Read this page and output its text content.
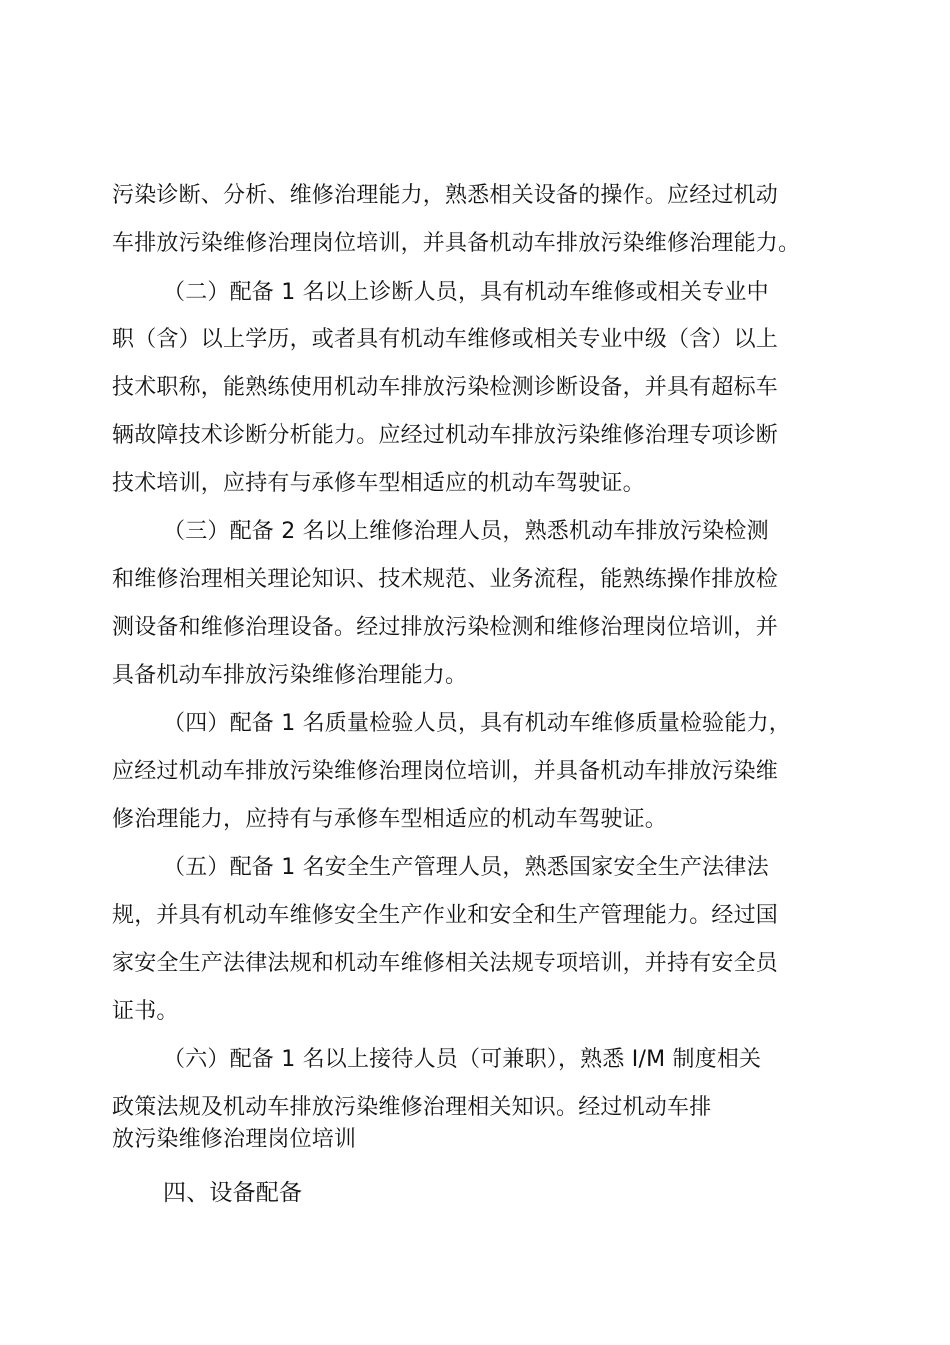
污染诊断、分析、维修治理能力，熟悉相关设备的操作。应经过机动
车排放污染维修治理岗位培训，并具备机动车排放污染维修治理能力。
（二）配备 1 名以上诊断人员，具有机动车维修或相关专业中
职（含）以上学历，或者具有机动车维修或相关专业中级（含）以上
技术职称，能熟练使用机动车排放污染检测诊断设备，并具有超标车
辆故障技术诊断分析能力。应经过机动车排放污染维修治理专项诊断
技术培训，应持有与承修车型相适应的机动车驾驶证。
（三）配备 2 名以上维修治理人员，熟悉机动车排放污染检测
和维修治理相关理论知识、技术规范、业务流程，能熟练操作排放检
测设备和维修治理设备。经过排放污染检测和维修治理岗位培训，并
具备机动车排放污染维修治理能力。
（四）配备 1 名质量检验人员，具有机动车维修质量检验能力，
应经过机动车排放污染维修治理岗位培训，并具备机动车排放污染维
修治理能力，应持有与承修车型相适应的机动车驾驶证。
（五）配备 1 名安全生产管理人员，熟悉国家安全生产法律法
规，并具有机动车维修安全生产作业和安全和生产管理能力。经过国
家安全生产法律法规和机动车维修相关法规专项培训，并持有安全员
证书。
（六）配备 1 名以上接待人员（可兼职），熟悉 I/M 制度相关
政策法规及机动车排放污染维修治理相关知识。经过机动车排
放污染维修治理岗位培训
四、设备配备
